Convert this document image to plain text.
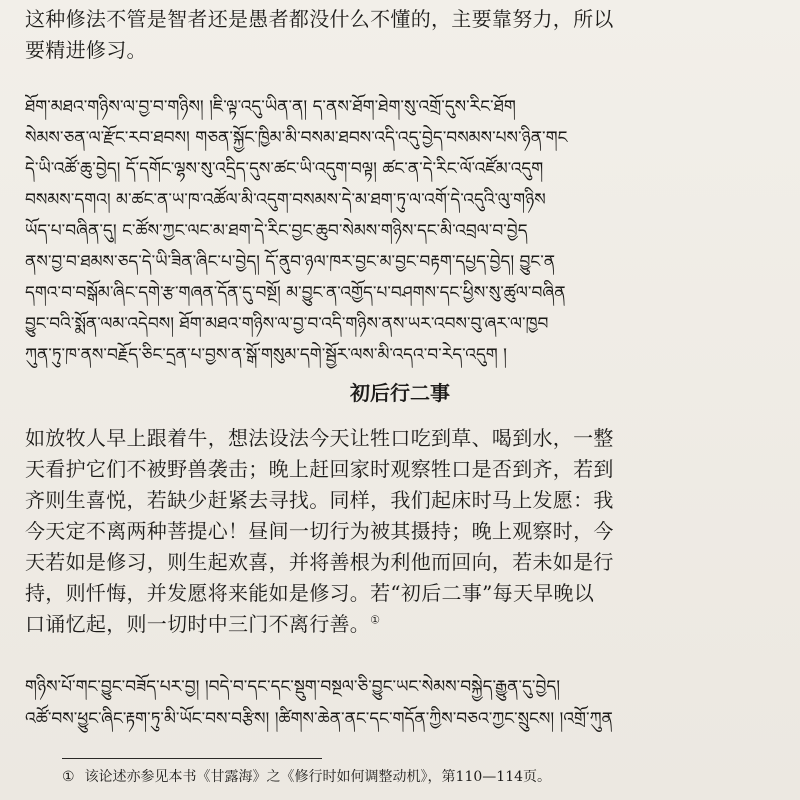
这种修法不管是智者还是愚者都没什么不懂的，主要靠努力，所以
要精进修习。
ཐོག་མཐའ་གཉིས་ལ་བྱ་བ་གཉིས། །ཇི་ལྟ་འདུ་ཡིན་ན། ད་ནས་ཐོག་ཐེག་སུ་འགྲོ་དུས་རིང་ཐོག
སེམས་ཅན་ལ་རྫོང་རབ་ཐབས། གཅན་སྐྱོང་ཁྱིམ་མི་བསམ་ཐབས་འདི་འདུ་བྱེད་བསམས་པས་ཉིན་གང
དེ་ཡི་འཚོ་ཆུ་བྱེད། དོ་དགོང་ལྷས་སུ་འདྲིད་དུས་ཚང་ཡི་འདུག་བལྟ། ཚང་ན་དེ་རིང་ལོ་འཛོམ་འདུག
བསམས་དགའ། མ་ཚང་ན་ཡ་ཁ་འཚོལ་མི་འདུག་བསམས་དེ་མ་ཐག་ཏུ་ལ་འགོ་དེ་འདུའི་ལུ་གཉིས
ཡོད་པ་བཞིན་དུ། ང་ཚོས་ཀྱང་ལང་མ་ཐག་དེ་རིང་བྱང་ཆུབ་སེམས་གཉིས་དང་མི་འབྲལ་བ་བྱེད
ནས་བྱ་བ་ཐམས་ཅད་དེ་ཡི་ཟིན་ཞིང་པ་བྱེད། དོ་ནུབ་ཉལ་ཁར་བྱང་མ་བྱང་བརྟག་དཔྱད་བྱེད། བྱུང་ན
དགའ་བ་བསྒོམ་ཞིང་དགེ་རྩ་གཞན་དོན་དུ་བསྔོ། མ་བྱུང་ན་འགྱོད་པ་བཤགས་དང་ཕྱིས་སུ་ཚུལ་བཞིན
བྱུང་བའི་སྨོན་ལམ་འདེབས། ཐོག་མཐའ་གཉིས་ལ་བྱ་བ་འདི་གཉིས་ནས་ཡར་འབས་བུ་ཞར་ལ་ཁྱབ
ཀུན་ཏུ་ཁ་ནས་བརྗོད་ཅིང་དྲན་པ་བྱས་ན་སྒོ་གསུམ་དགེ་སྦྱོར་ལས་མི་འདའ་བ་རེད་འདུག །
初后行二事
如放牧人早上跟着牛，想法设法今天让牲口吃到草、喝到水，一整
天看护它们不被野兽袭击；晚上赶回家时观察牲口是否到齐，若到
齐则生喜悦，若缺少赶紧去寻找。同样，我们起床时马上发愿：我
今天定不离两种菩提心！昼间一切行为被其摄持；晚上观察时，今
天若如是修习，则生起欢喜，并将善根为利他而回向，若未如是行
持，则忏悔，并发愿将来能如是修习。若“初后二事”每天早晚以
口诵忆起，则一切时中三门不离行善。①
གཉིས་པོ་གང་བྱུང་བཟོད་པར་བྱ། །བདེ་བ་དང་དང་སྡུག་བསྔལ་ཅི་བྱུང་ཡང་སེམས་བསྐྱེད་རྒྱུན་དུ་བྱེད།
འཚོ་བས་ཕྱུང་ཞིང་རྟག་ཏུ་མི་ཡོང་བས་བརྩིས། །ཚིགས་ཆེན་ནང་དང་གདོན་ཀྱིས་བཅའ་ཀྱང་སྲུངས། །འགྲོ་ཀུན
① 该论述亦参见本书《甘露海》之《修行时如何调整动机》，第110—114页。
